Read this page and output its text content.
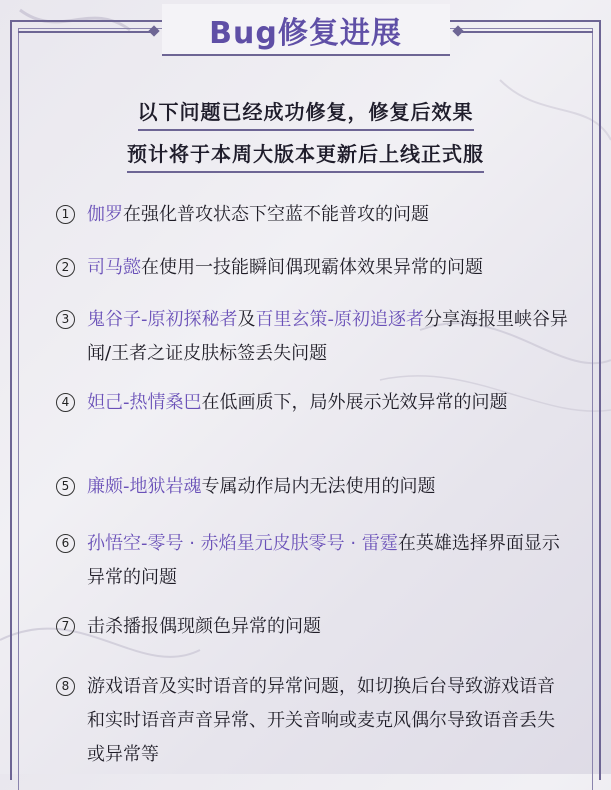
Bug修复进展
以下问题已经成功修复，修复后效果
预计将于本周大版本更新后上线正式服
1 伽罗在强化普攻状态下空蓝不能普攻的问题
2 司马懿在使用一技能瞬间偶现霸体效果异常的问题
3 鬼谷子-原初探秘者及百里玄策-原初追逐者分享海报里峡谷异闻/王者之证皮肤标签丢失问题
4 妲己-热情桑巴在低画质下，局外展示光效异常的问题
5 廉颇-地狱岩魂专属动作局内无法使用的问题
6 孙悟空-零号 · 赤焰星元皮肤零号 · 雷霆在英雄选择界面显示异常的问题
7 击杀播报偶现颜色异常的问题
8 游戏语音及实时语音的异常问题，如切换后台导致游戏语音和实时语音声音异常、开关音响或麦克风偶尔导致语音丢失或异常等
